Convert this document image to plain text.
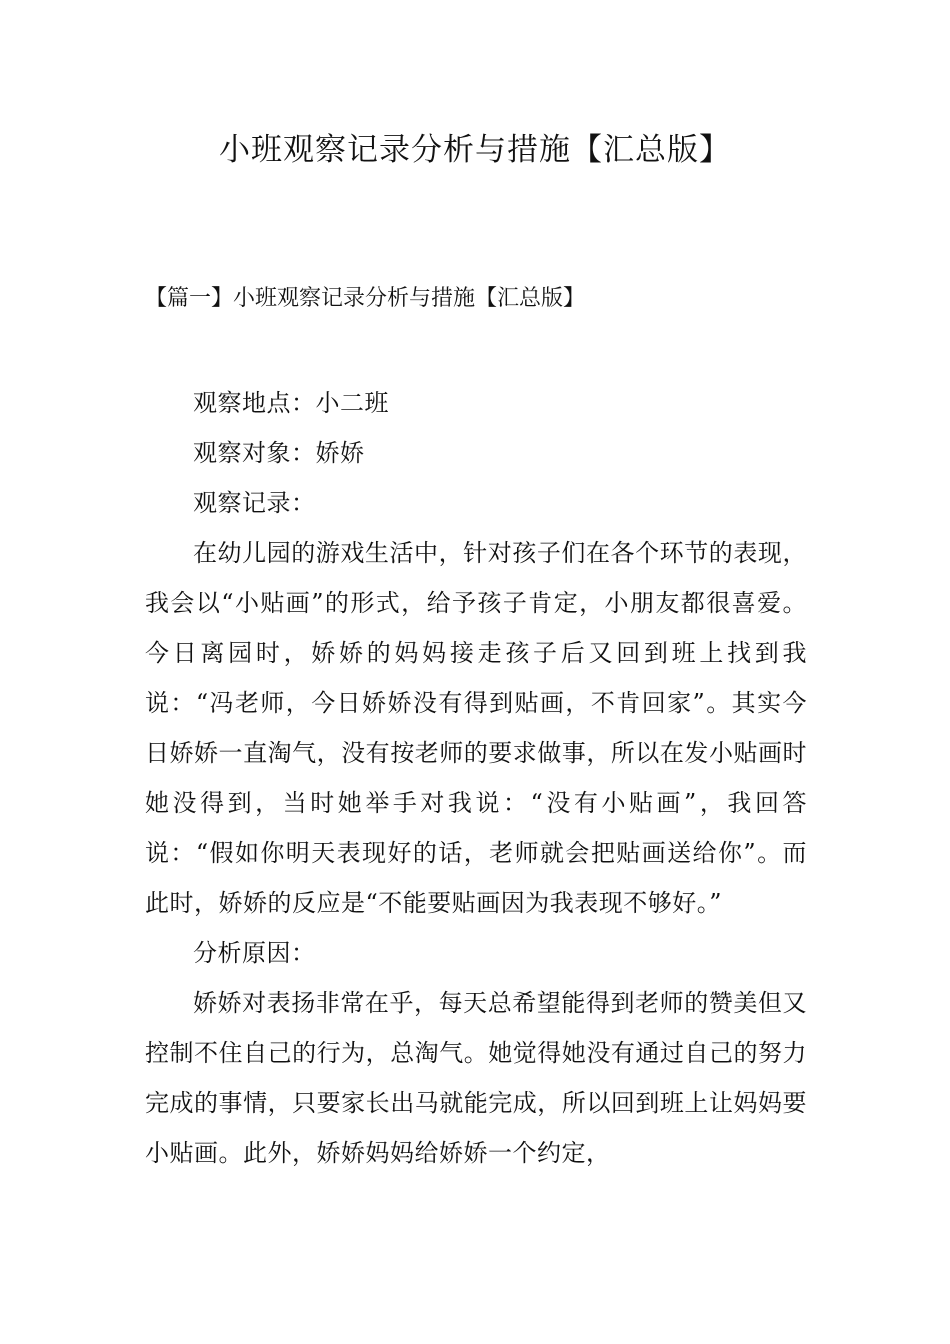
小班观察记录分析与措施【汇总版】
【篇一】小班观察记录分析与措施【汇总版】

观察地点：小二班

观察对象：娇娇

观察记录：

在幼儿园的游戏生活中，针对孩子们在各个环节的表现，我会以“小贴画”的形式，给予孩子肯定，小朋友都很喜爱。今日离园时，娇娇的妈妈接走孩子后又回到班上找到我说：“冯老师，今日娇娇没有得到贴画，不肯回家”。其实今日娇娇一直淘气，没有按老师的要求做事，所以在发小贴画时她没得到，当时她举手对我说：“没有小贴画”，我回答说：“假如你明天表现好的话，老师就会把贴画送给你”。而此时，娇娇的反应是“不能要贴画因为我表现不够好。”

分析原因：

娇娇对表扬非常在乎，每天总希望能得到老师的赞美但又控制不住自己的行为，总淘气。她觉得她没有通过自己的努力完成的事情，只要家长出马就能完成，所以回到班上让妈妈要小贴画。此外，娇娇妈妈给娇娇一个约定，
